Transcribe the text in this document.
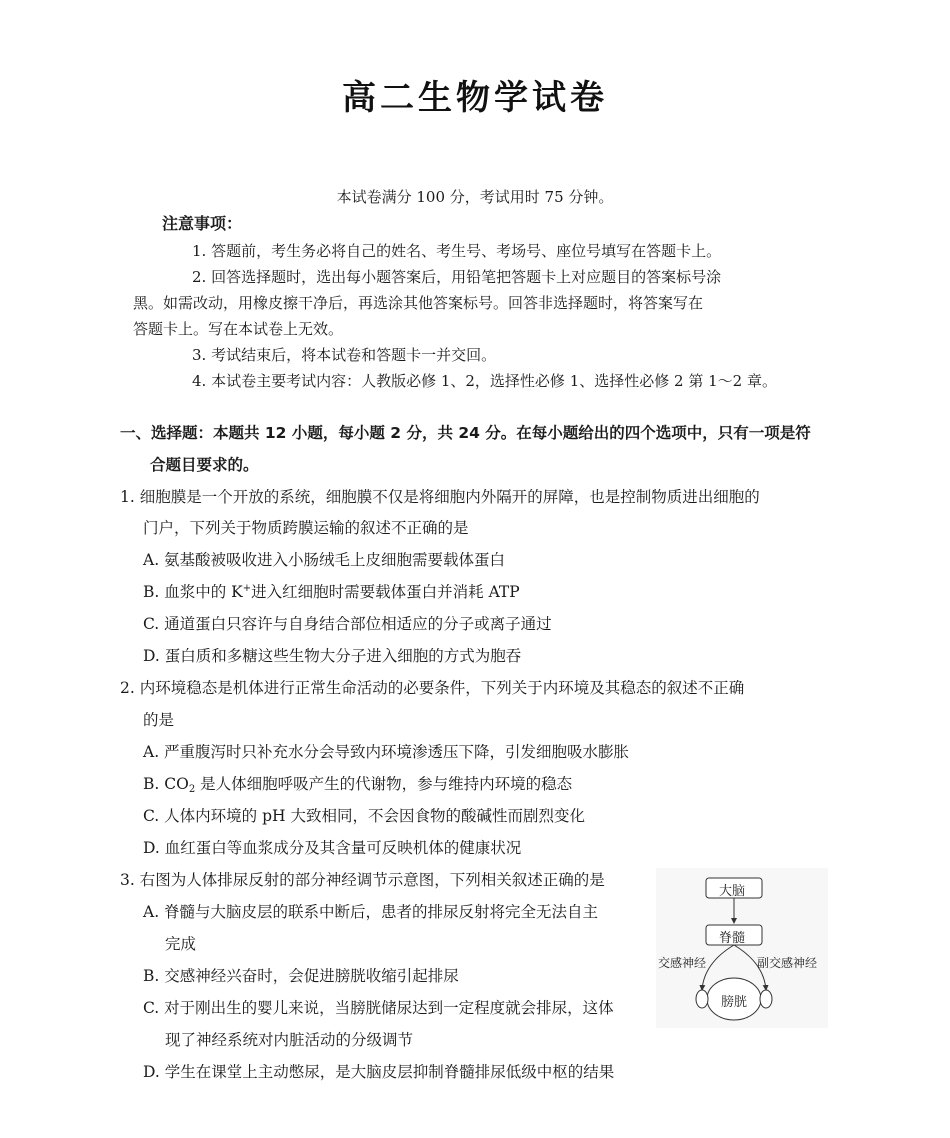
高二生物学试卷
本试卷满分 100 分，考试用时 75 分钟。
注意事项：
1. 答题前，考生务必将自己的姓名、考生号、考场号、座位号填写在答题卡上。
2. 回答选择题时，选出每小题答案后，用铅笔把答题卡上对应题目的答案标号涂
黑。如需改动，用橡皮擦干净后，再选涂其他答案标号。回答非选择题时，将答案写在
答题卡上。写在本试卷上无效。
3. 考试结束后，将本试卷和答题卡一并交回。
4. 本试卷主要考试内容：人教版必修 1、2，选择性必修 1、选择性必修 2 第 1～2 章。
一、选择题：本题共 12 小题，每小题 2 分，共 24 分。在每小题给出的四个选项中，只有一项是符
合题目要求的。
1. 细胞膜是一个开放的系统，细胞膜不仅是将细胞内外隔开的屏障，也是控制物质进出细胞的
门户，下列关于物质跨膜运输的叙述不正确的是
A. 氨基酸被吸收进入小肠绒毛上皮细胞需要载体蛋白
B. 血浆中的 K+进入红细胞时需要载体蛋白并消耗 ATP
C. 通道蛋白只容许与自身结合部位相适应的分子或离子通过
D. 蛋白质和多糖这些生物大分子进入细胞的方式为胞吞
2. 内环境稳态是机体进行正常生命活动的必要条件，下列关于内环境及其稳态的叙述不正确
的是
A. 严重腹泻时只补充水分会导致内环境渗透压下降，引发细胞吸水膨胀
B. $CO_2$ 是人体细胞呼吸产生的代谢物，参与维持内环境的稳态
C. 人体内环境的 pH 大致相同，不会因食物的酸碱性而剧烈变化
D. 血红蛋白等血浆成分及其含量可反映机体的健康状况
3. 右图为人体排尿反射的部分神经调节示意图，下列相关叙述正确的是
A. 脊髓与大脑皮层的联系中断后，患者的排尿反射将完全无法自主
完成
B. 交感神经兴奋时，会促进膀胱收缩引起排尿
C. 对于刚出生的婴儿来说，当膀胱储尿达到一定程度就会排尿，这体
现了神经系统对内脏活动的分级调节
D. 学生在课堂上主动憋尿，是大脑皮层抑制脊髓排尿低级中枢的结果
大脑
脊髓
交感神经	副交感神经
膀胱
